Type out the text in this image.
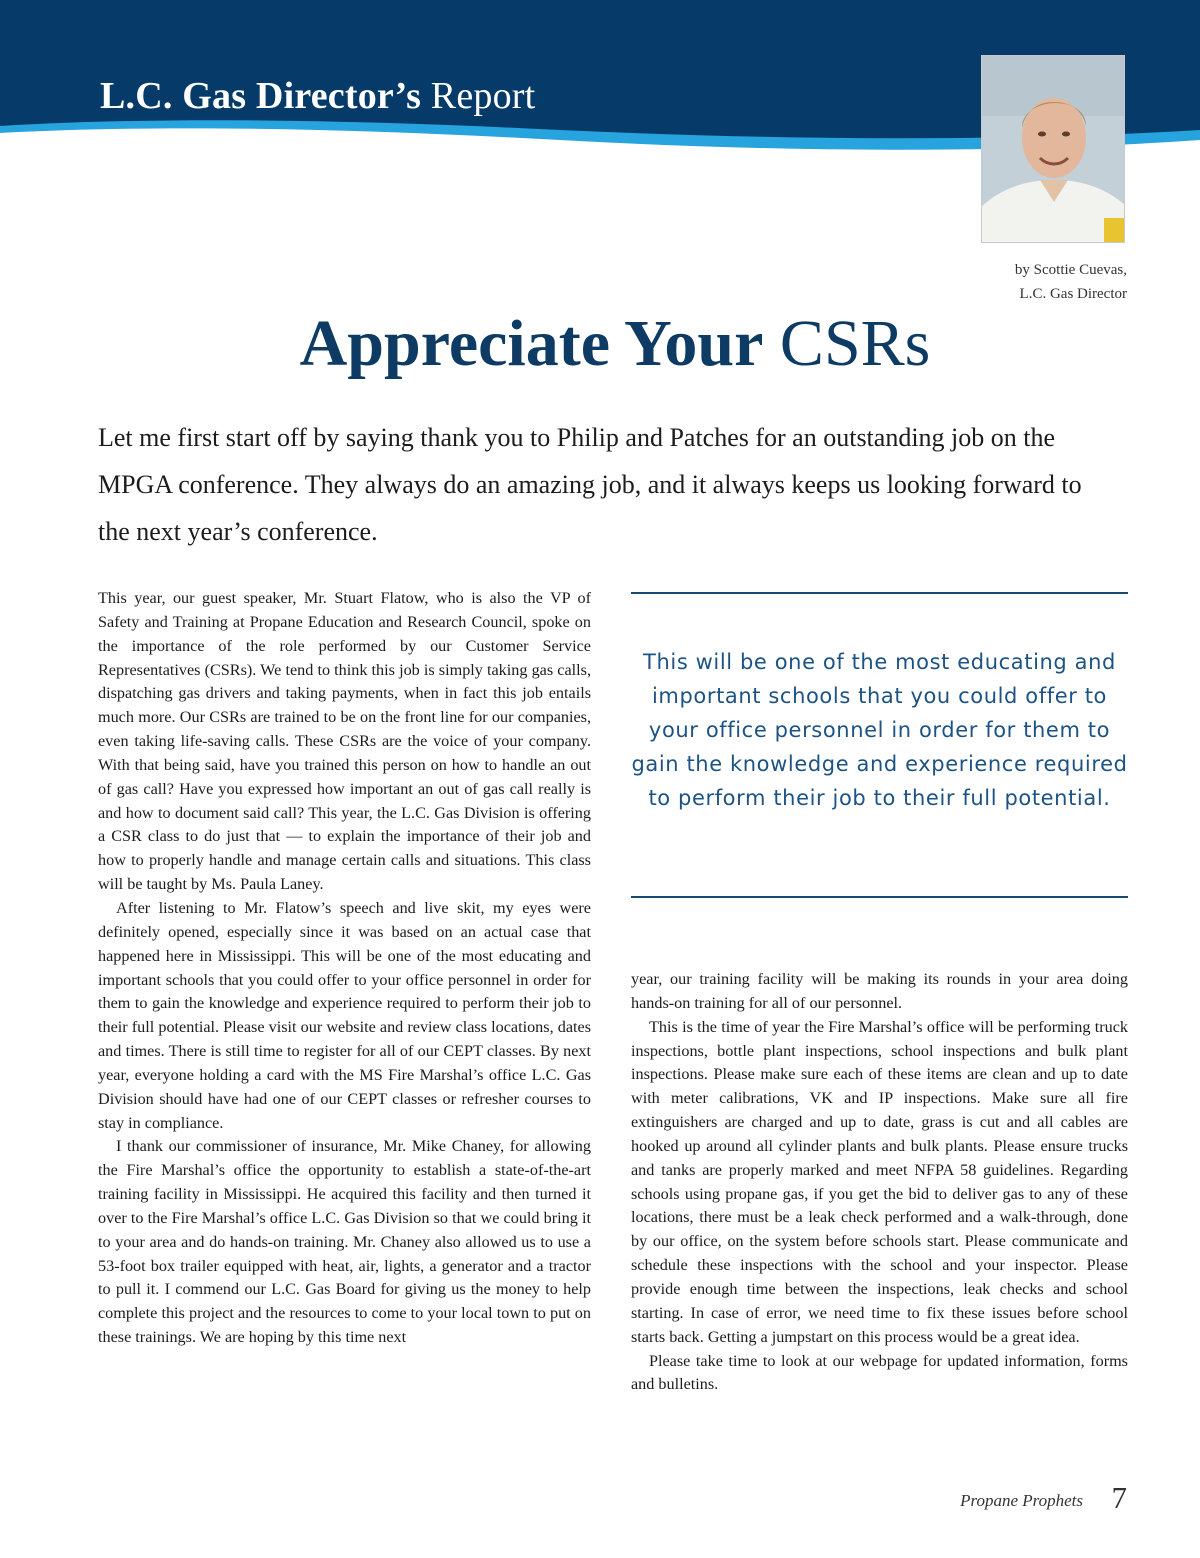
L.C. Gas Director’s Report
by Scottie Cuevas,
L.C. Gas Director
Appreciate Your CSRs
Let me first start off by saying thank you to Philip and Patches for an outstanding job on the MPGA conference. They always do an amazing job, and it always keeps us looking forward to the next year’s conference.

This year, our guest speaker, Mr. Stuart Flatow, who is also the VP of Safety and Training at Propane Education and Research Council, spoke on the importance of the role performed by our Customer Service Representatives (CSRs). We tend to think this job is simply taking gas calls, dispatching gas drivers and taking payments, when in fact this job entails much more. Our CSRs are trained to be on the front line for our companies, even taking life-saving calls. These CSRs are the voice of your company. With that being said, have you trained this person on how to handle an out of gas call? Have you expressed how important an out of gas call really is and how to document said call? This year, the L.C. Gas Division is offering a CSR class to do just that — to explain the importance of their job and how to properly handle and manage certain calls and situations. This class will be taught by Ms. Paula Laney.

After listening to Mr. Flatow’s speech and live skit, my eyes were definitely opened, especially since it was based on an actual case that happened here in Mississippi. This will be one of the most educating and important schools that you could offer to your office personnel in order for them to gain the knowledge and experience required to perform their job to their full potential. Please visit our website and review class locations, dates and times. There is still time to register for all of our CEPT classes. By next year, everyone holding a card with the MS Fire Marshal’s office L.C. Gas Division should have had one of our CEPT classes or refresher courses to stay in compliance.

I thank our commissioner of insurance, Mr. Mike Chaney, for allowing the Fire Marshal’s office the opportunity to establish a state-of-the-art training facility in Mississippi. He acquired this facility and then turned it over to the Fire Marshal’s office L.C. Gas Division so that we could bring it to your area and do hands-on training. Mr. Chaney also allowed us to use a 53-foot box trailer equipped with heat, air, lights, a generator and a tractor to pull it. I commend our L.C. Gas Board for giving us the money to help complete this project and the resources to come to your local town to put on these trainings. We are hoping by this time next

This will be one of the most educating and important schools that you could offer to your office personnel in order for them to gain the knowledge and experience required to perform their job to their full potential.

year, our training facility will be making its rounds in your area doing hands-on training for all of our personnel.

This is the time of year the Fire Marshal’s office will be performing truck inspections, bottle plant inspections, school inspections and bulk plant inspections. Please make sure each of these items are clean and up to date with meter calibrations, VK and IP inspections. Make sure all fire extinguishers are charged and up to date, grass is cut and all cables are hooked up around all cylinder plants and bulk plants. Please ensure trucks and tanks are properly marked and meet NFPA 58 guidelines. Regarding schools using propane gas, if you get the bid to deliver gas to any of these locations, there must be a leak check performed and a walk-through, done by our office, on the system before schools start. Please communicate and schedule these inspections with the school and your inspector. Please provide enough time between the inspections, leak checks and school starting. In case of error, we need time to fix these issues before school starts back. Getting a jumpstart on this process would be a great idea.

Please take time to look at our webpage for updated information, forms and bulletins.

Propane Prophets 7
